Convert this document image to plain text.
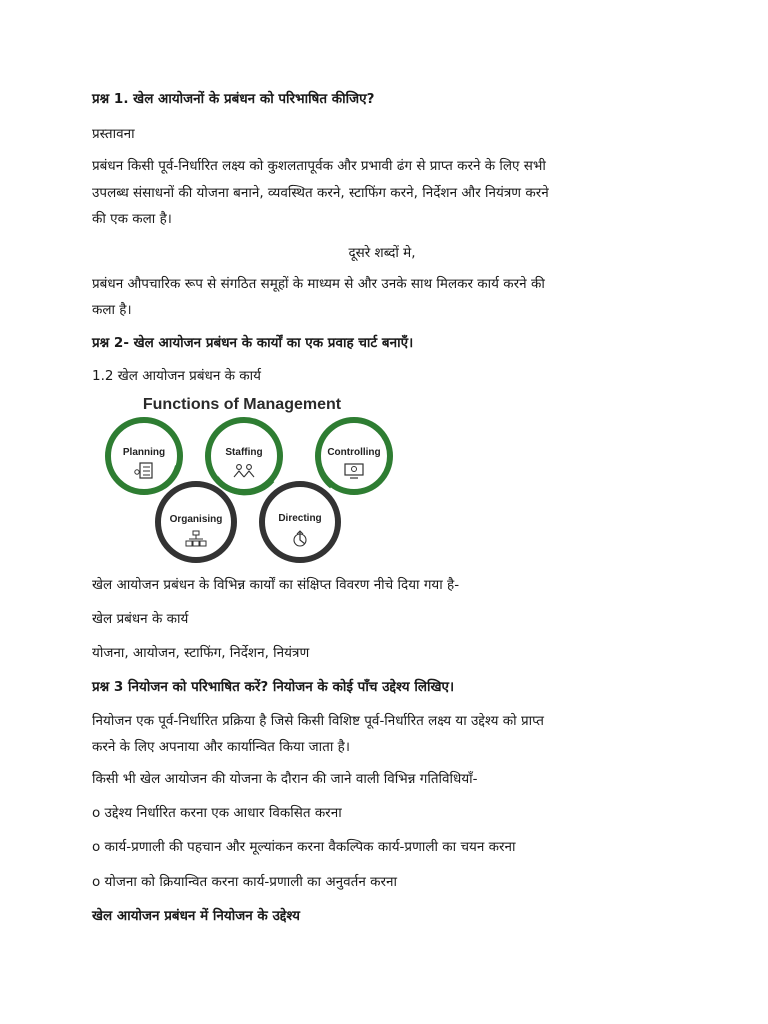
प्रश्न 1. खेल आयोजनों के प्रबंधन को परिभाषित कीजिए?

प्रस्तावना

प्रबंधन किसी पूर्व-निर्धारित लक्ष्य को कुशलतापूर्वक और प्रभावी ढंग से प्राप्त करने के लिए सभी

उपलब्ध संसाधनों की योजना बनाने, व्यवस्थित करने, स्टाफिंग करने, निर्देशन और नियंत्रण करने

की एक कला है।

दूसरे शब्दों मे,

प्रबंधन औपचारिक रूप से संगठित समूहों के माध्यम से और उनके साथ मिलकर कार्य करने की

कला है।

प्रश्न 2- खेल आयोजन प्रबंधन के कार्यों का एक प्रवाह चार्ट बनाएँ।

1.2 खेल आयोजन प्रबंधन के कार्य

Functions of Management
Planning	Staffing	Controlling
Organising	Directing

खेल आयोजन प्रबंधन के विभिन्न कार्यों का संक्षिप्त विवरण नीचे दिया गया है-

खेल प्रबंधन के कार्य

योजना, आयोजन, स्टाफिंग, निर्देशन, नियंत्रण

प्रश्न 3 नियोजन को परिभाषित करें? नियोजन के कोई पाँच उद्देश्य लिखिए।

नियोजन एक पूर्व-निर्धारित प्रक्रिया है जिसे किसी विशिष्ट पूर्व-निर्धारित लक्ष्य या उद्देश्य को प्राप्त

करने के लिए अपनाया और कार्यान्वित किया जाता है।

किसी भी खेल आयोजन की योजना के दौरान की जाने वाली विभिन्न गतिविधियाँ-

o उद्देश्य निर्धारित करना एक आधार विकसित करना

o कार्य-प्रणाली की पहचान और मूल्यांकन करना वैकल्पिक कार्य-प्रणाली का चयन करना

o योजना को क्रियान्वित करना कार्य-प्रणाली का अनुवर्तन करना

खेल आयोजन प्रबंधन में नियोजन के उद्देश्य
